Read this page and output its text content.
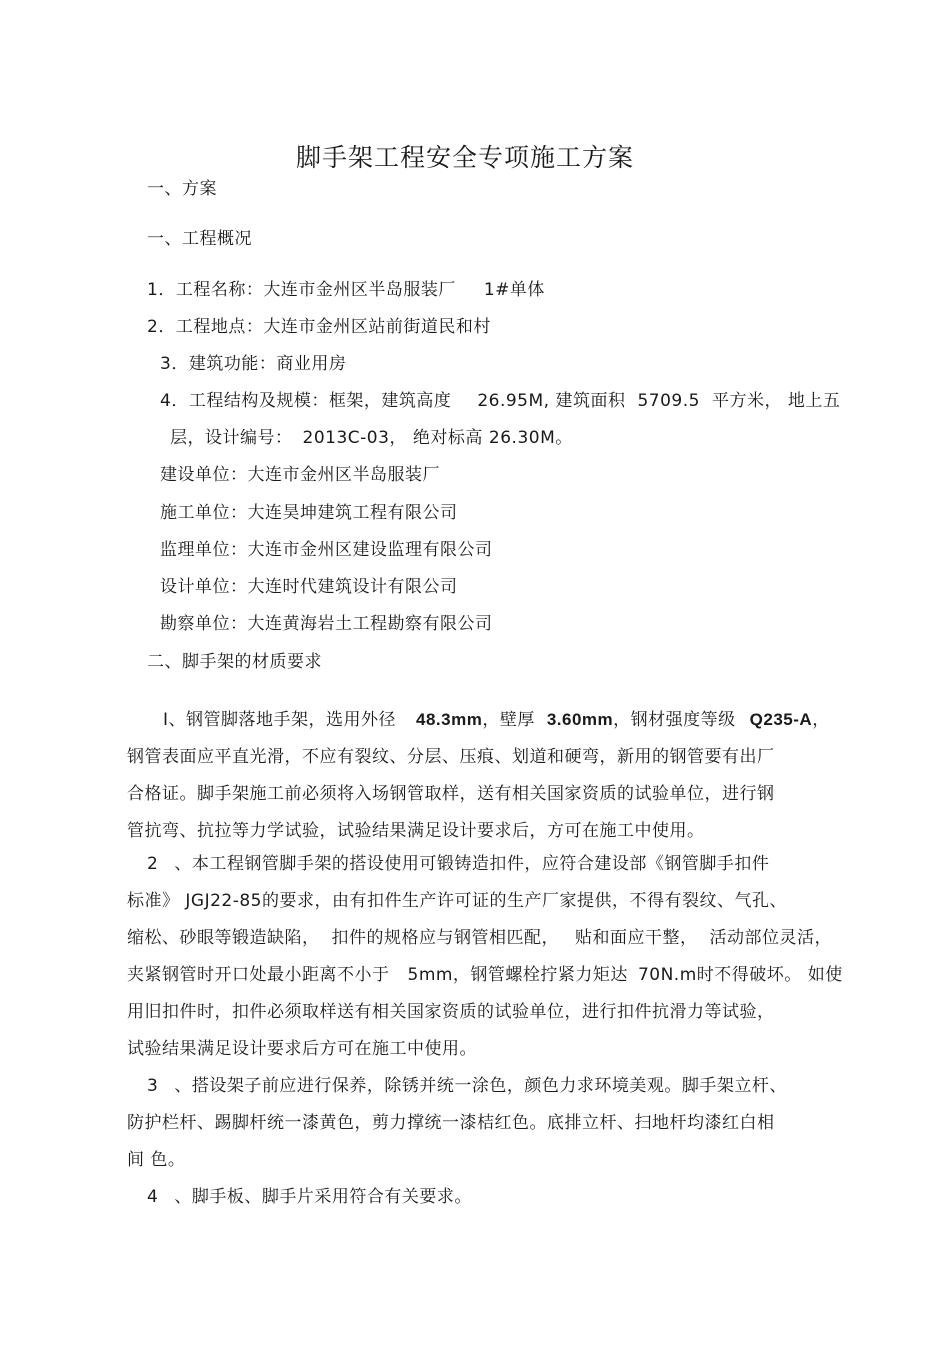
脚手架工程安全专项施工方案
一、方案
一、工程概况
1．工程名称：大连市金州区半岛服装厂 1#单体
2．工程地点：大连市金州区站前街道民和村
3．建筑功能：商业用房
4．工程结构及规模：框架，建筑高度 26.95M, 建筑面积 5709.5 平方米， 地上五
层，设计编号： 2013C-03， 绝对标高 26.30M。
建设单位：大连市金州区半岛服装厂
施工单位：大连昊坤建筑工程有限公司
监理单位：大连市金州区建设监理有限公司
设计单位：大连时代建筑设计有限公司
勘察单位：大连黄海岩土工程勘察有限公司
二、脚手架的材质要求
Ⅰ、钢管脚落地手架，选用外径 48.3mm，壁厚 3.60mm，钢材强度等级 Q235-A，
钢管表面应平直光滑，不应有裂纹、分层、压痕、划道和硬弯，新用的钢管要有出厂
合格证。脚手架施工前必须将入场钢管取样，送有相关国家资质的试验单位，进行钢
管抗弯、抗拉等力学试验，试验结果满足设计要求后，方可在施工中使用。
2 、本工程钢管脚手架的搭设使用可锻铸造扣件，应符合建设部《钢管脚手扣件
标准》 JGJ22-85的要求，由有扣件生产许可证的生产厂家提供，不得有裂纹、气孔、
缩松、砂眼等锻造缺陷， 扣件的规格应与钢管相匹配， 贴和面应干整， 活动部位灵活，
夹紧钢管时开口处最小距离不小于 5mm，钢管螺栓拧紧力矩达 70N.m时不得破坏。 如使
用旧扣件时，扣件必须取样送有相关国家资质的试验单位，进行扣件抗滑力等试验，
试验结果满足设计要求后方可在施工中使用。
3 、搭设架子前应进行保养，除锈并统一涂色，颜色力求环境美观。脚手架立杆、
防护栏杆、踢脚杆统一漆黄色，剪力撑统一漆桔红色。底排立杆、扫地杆均漆红白相
间 色。
4 、脚手板、脚手片采用符合有关要求。
